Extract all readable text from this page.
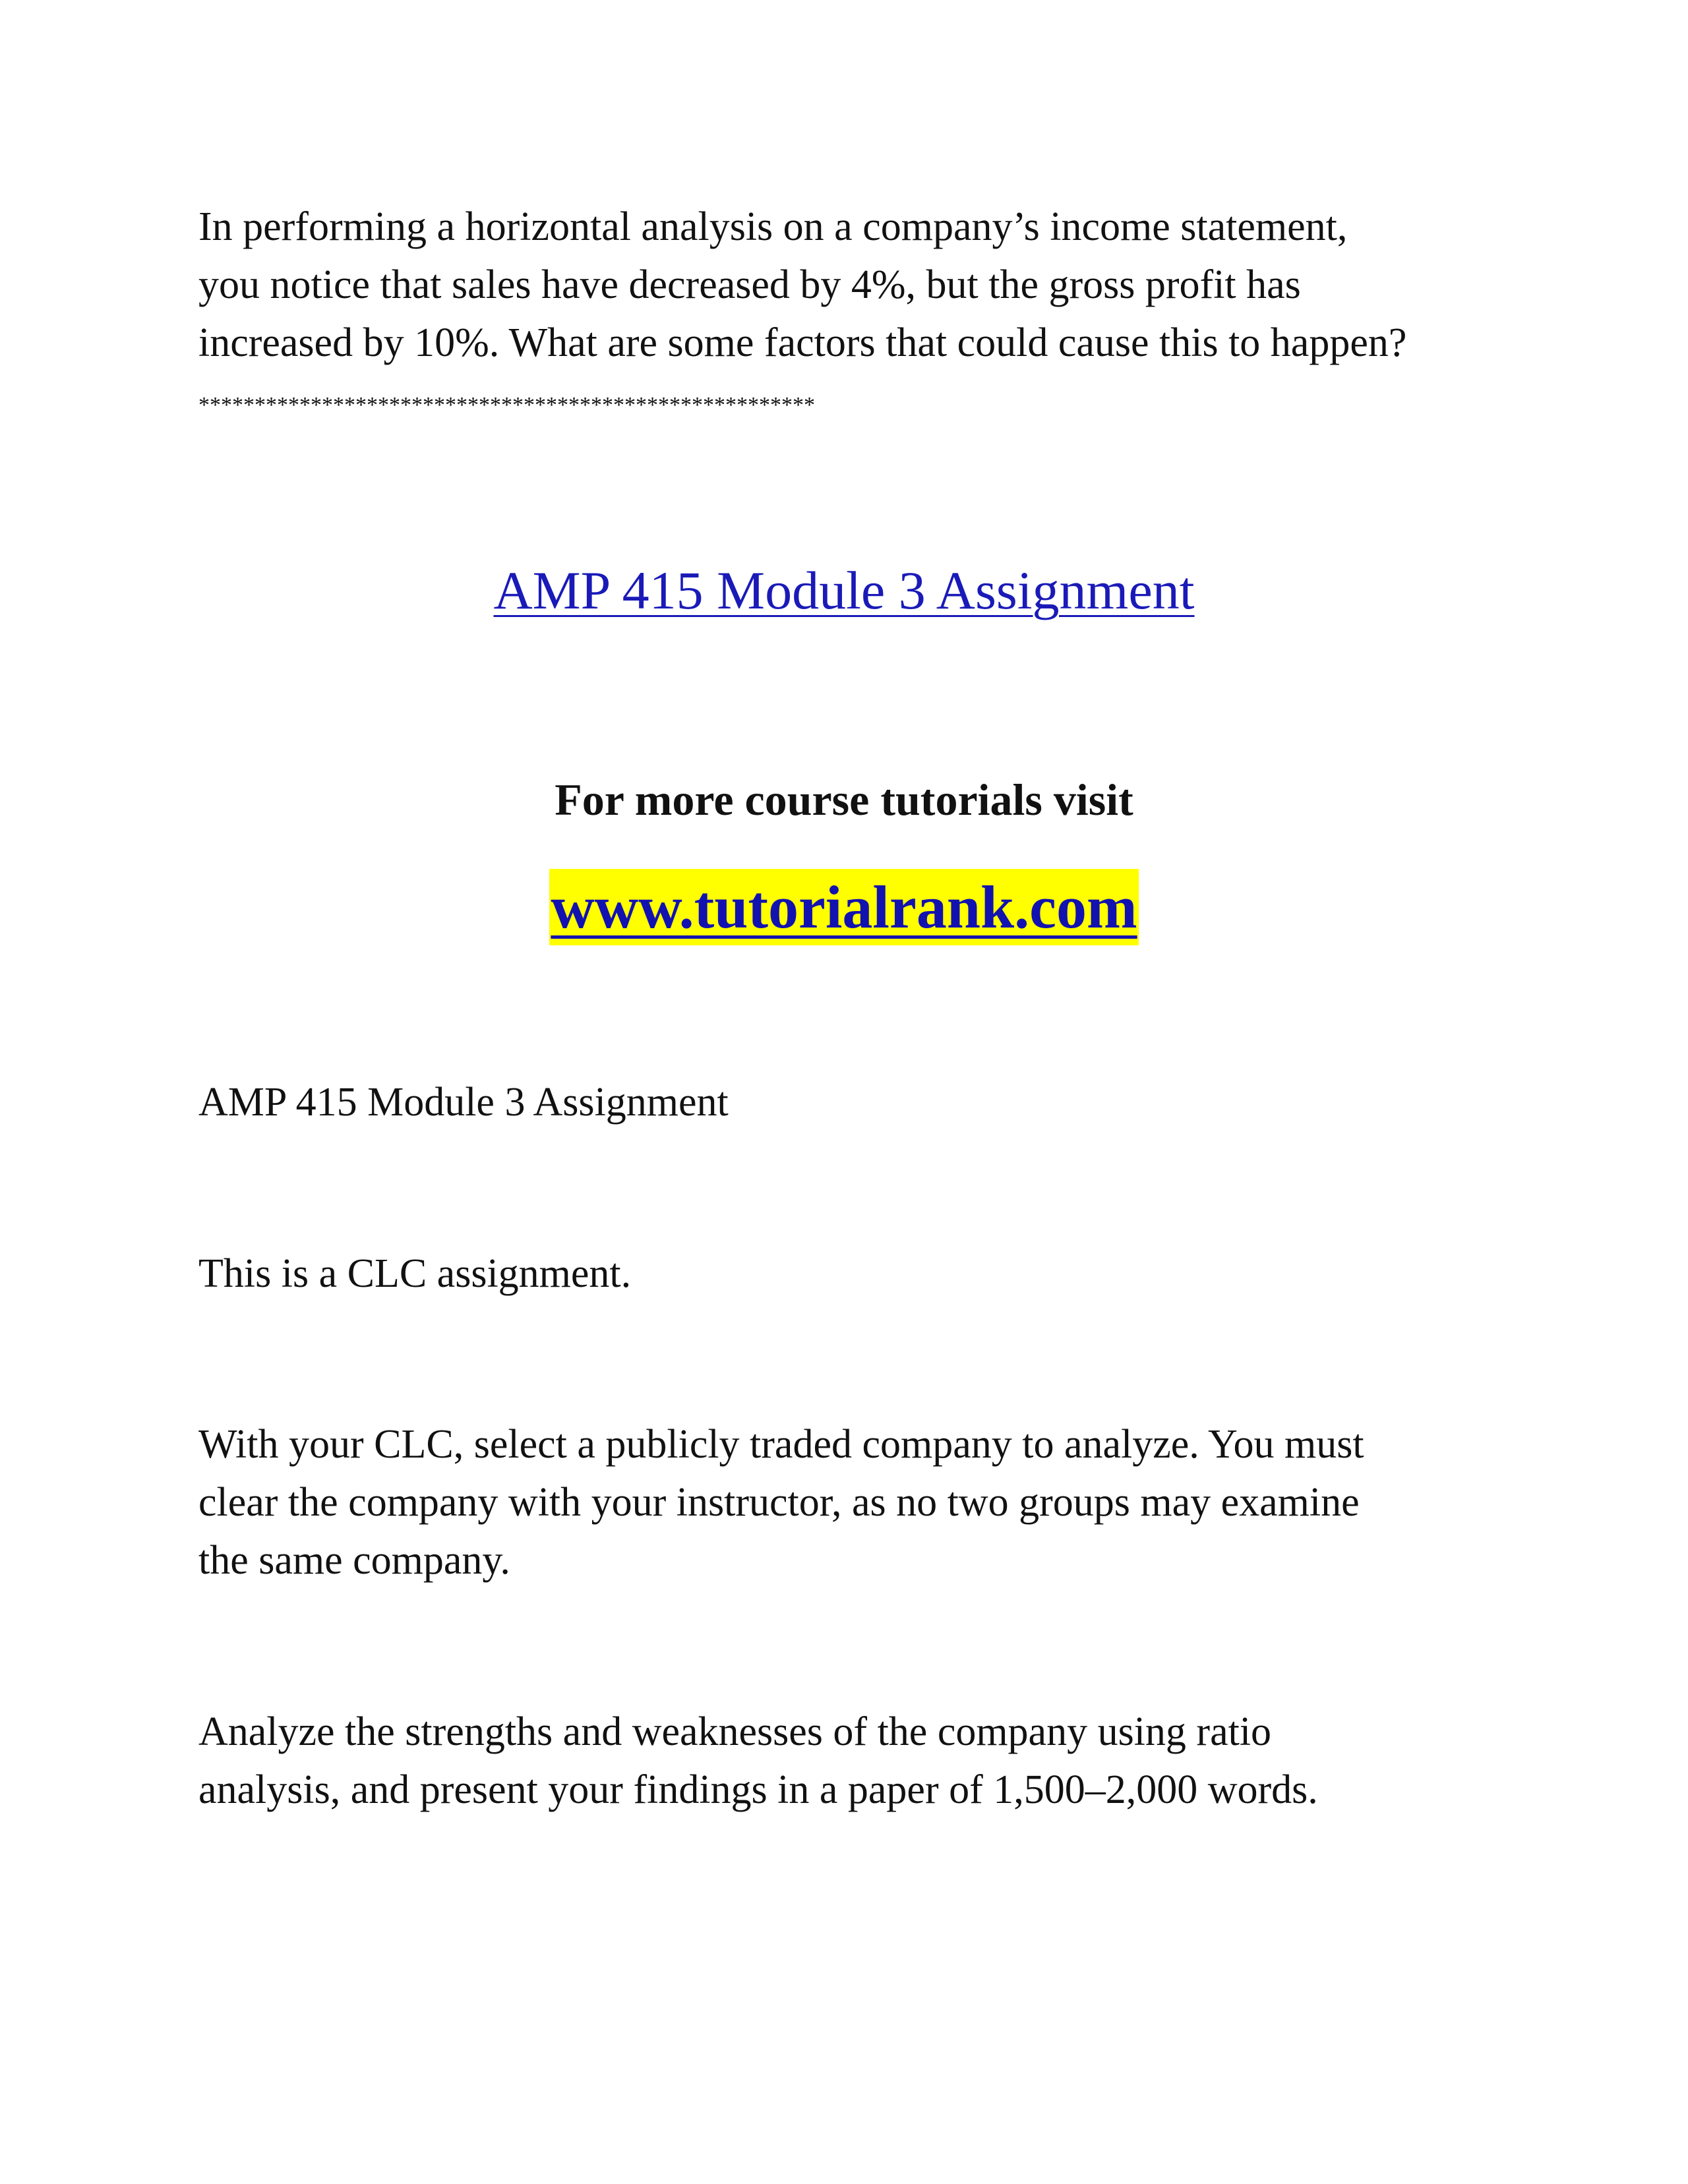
In performing a horizontal analysis on a company’s income statement,
you notice that sales have decreased by 4%, but the gross profit has
increased by 10%. What are some factors that could cause this to happen?

*******************************************************

AMP 415 Module 3 Assignment

For more course tutorials visit

www.tutorialrank.com

AMP 415 Module 3 Assignment

This is a CLC assignment.

With your CLC, select a publicly traded company to analyze. You must
clear the company with your instructor, as no two groups may examine
the same company.

Analyze the strengths and weaknesses of the company using ratio
analysis, and present your findings in a paper of 1,500–2,000 words.
